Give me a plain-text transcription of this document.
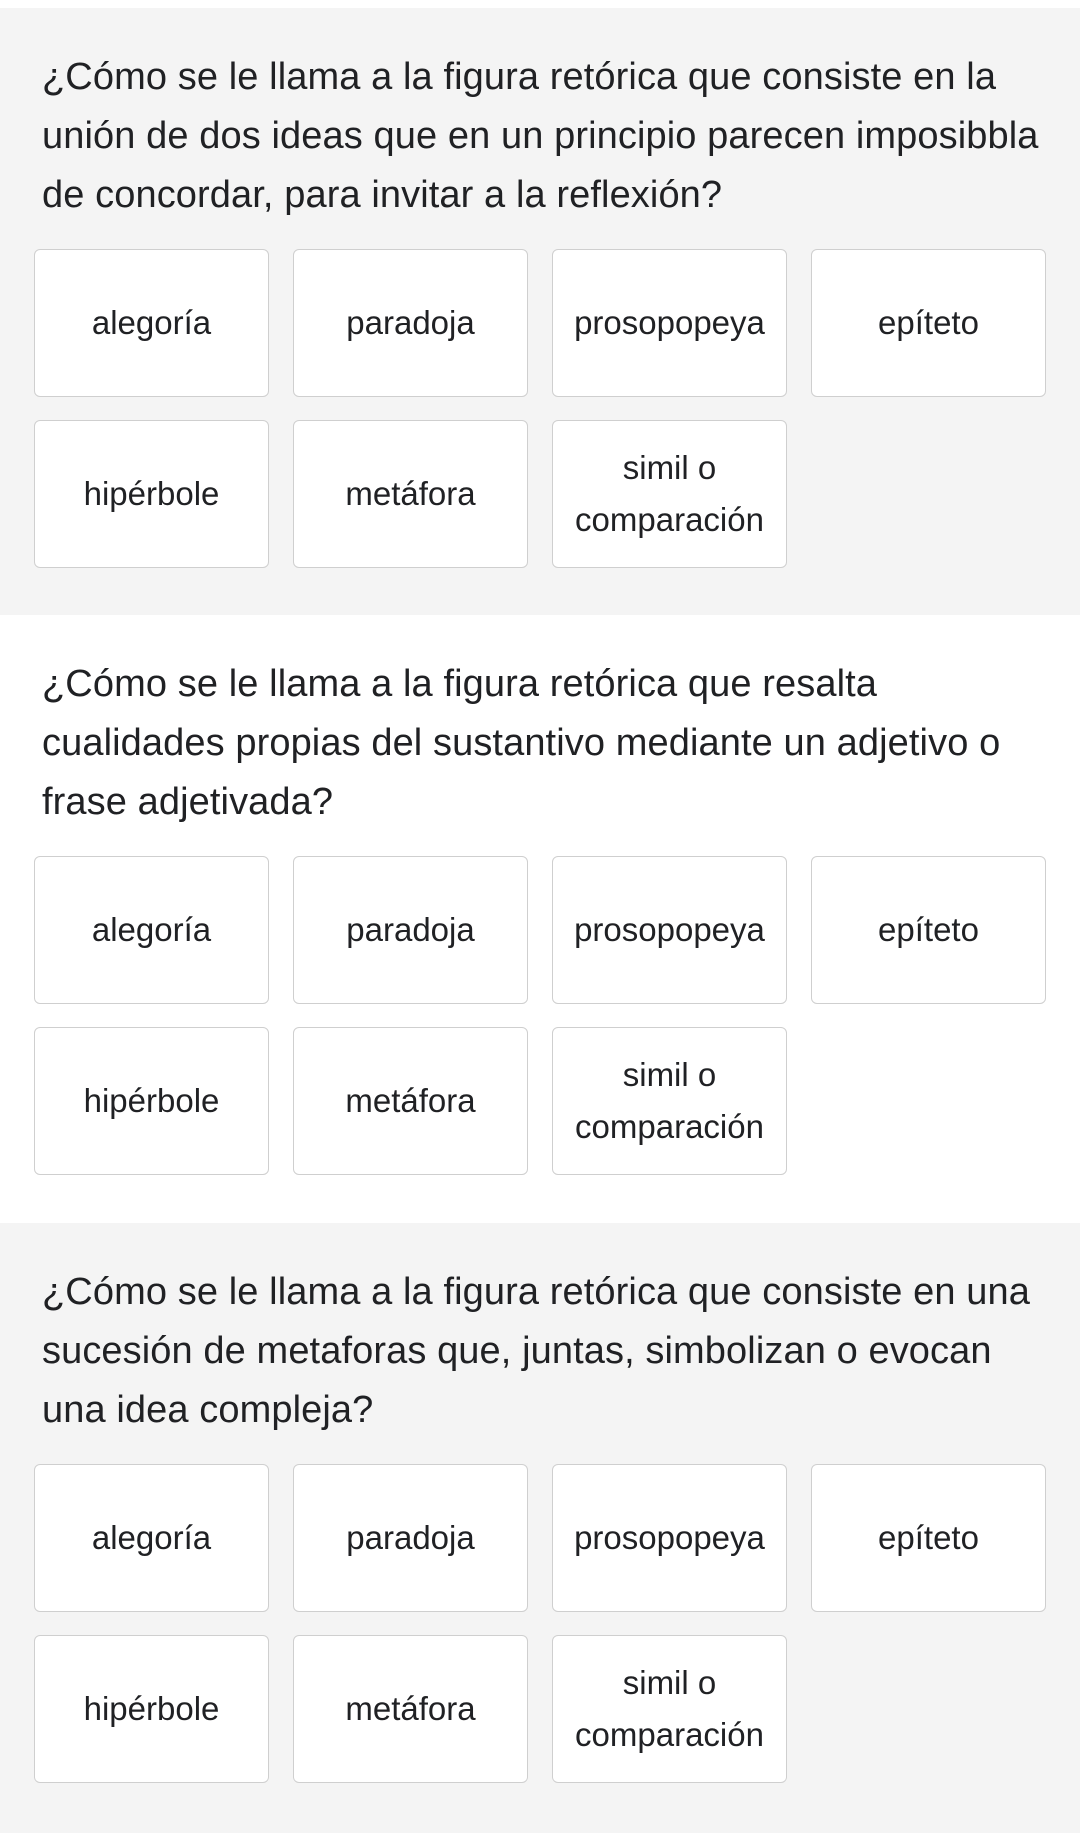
¿Cómo se le llama a la figura retórica que consiste en la unión de dos ideas que en un principio parecen imposibbla de concordar, para invitar a la reflexión?

alegoría	paradoja	prosopopeya	epíteto
hipérbole	metáfora
simil o comparación

¿Cómo se le llama a la figura retórica que resalta cualidades propias del sustantivo mediante un adjetivo o frase adjetivada?

alegoría	paradoja	prosopopeya	epíteto
hipérbole	metáfora
simil o comparación

¿Cómo se le llama a la figura retórica que consiste en una sucesión de metaforas que, juntas, simbolizan o evocan una idea compleja?

alegoría	paradoja	prosopopeya	epíteto
hipérbole	metáfora
simil o comparación
